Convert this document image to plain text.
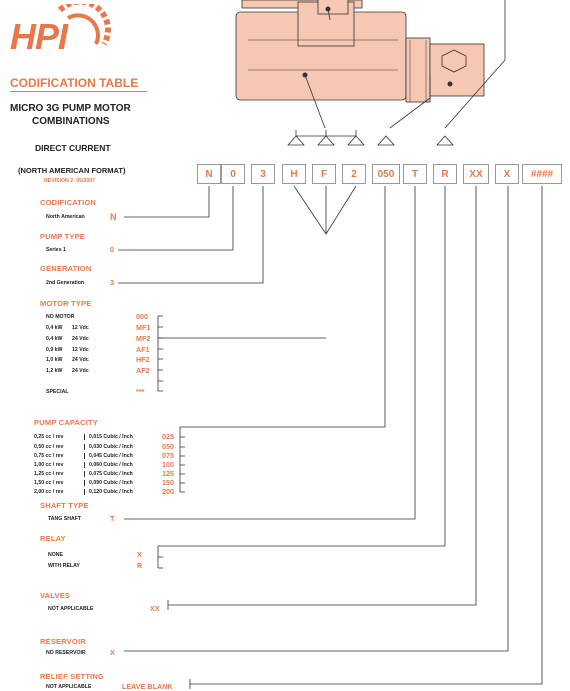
HPI
CODIFICATION TABLE
MICRO 3G PUMP MOTOR
COMBINATIONS
DIRECT CURRENT
(NORTH AMERICAN FORMAT)
REVISION 2- 05/2007
N	0	3	H	F	2	050	T	R	XX	X	####
CODIFICATION
North American	N
PUMP TYPE
Series 1	0
GENERATION
2nd Generation	3
MOTOR TYPE
NO MOTOR	000
0,4 kW 12 Vdc	MF1
0,4 kW 24 Vdc	MF2
0,9 kW 12 Vdc	AF1
1,0 kW 24 Vdc	HF2
1,2 kW 24 Vdc	AF2
SPECIAL	***
PUMP CAPACITY
0,25 cc / rev	0,015 Cubic / Inch	025
0,50 cc / rev	0,030 Cubic / Inch	050
0,75 cc / rev	0,045 Cubic / Inch	075
1,00 cc / rev	0,060 Cubic / Inch	100
1,25 cc / rev	0,075 Cubic / Inch	125
1,50 cc / rev	0,090 Cubic / Inch	150
2,00 cc / rev	0,120 Cubic / Inch	200
SHAFT TYPE
TANG SHAFT	T
RELAY
NONE	X
WITH RELAY	R
VALVES
NOT APPLICABLE	XX
RESERVOIR
NO RESERVOIR	X
RELIEF SETTING
NOT APPLICABLE	LEAVE BLANK
